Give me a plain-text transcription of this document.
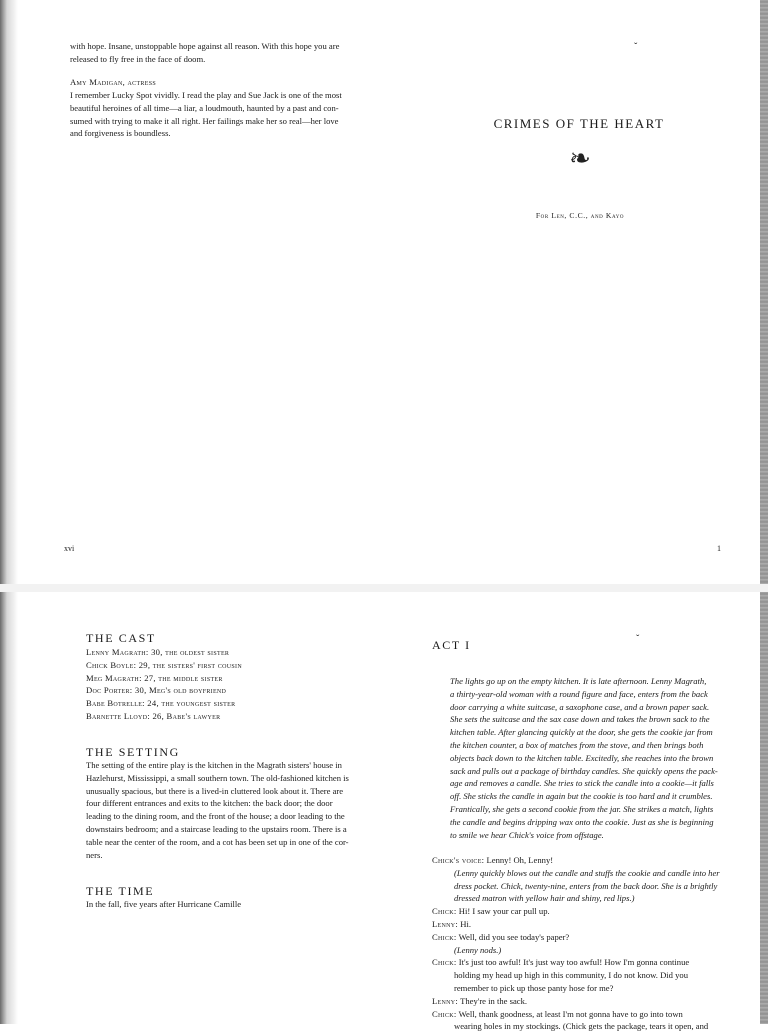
with hope. Insane, unstoppable hope against all reason. With this hope you are

released to fly free in the face of doom.

Amy Madigan, actress

I remember Lucky Spot vividly. I read the play and Sue Jack is one of the most

beautiful heroines of all time—a liar, a loudmouth, haunted by a past and con-

sumed with trying to make it all right. Her failings make her so real—her love

and forgiveness is boundless.

xvi
ˇ
CRIMES OF THE HEART
❧
For Len, C.C., and Kayo
1
THE CAST

Lenny Magrath: 30, the oldest sister

Chick Boyle: 29, the sisters' first cousin

Meg Magrath: 27, the middle sister

Doc Porter: 30, Meg's old boyfriend

Babe Botrelle: 24, the youngest sister

Barnette Lloyd: 26, Babe's lawyer

THE SETTING

The setting of the entire play is the kitchen in the Magrath sisters' house in

Hazlehurst, Mississippi, a small southern town. The old-fashioned kitchen is

unusually spacious, but there is a lived-in cluttered look about it. There are

four different entrances and exits to the kitchen: the back door; the door

leading to the dining room, and the front of the house; a door leading to the

downstairs bedroom; and a staircase leading to the upstairs room. There is a

table near the center of the room, and a cot has been set up in one of the cor-

ners.

THE TIME
In the fall, five years after Hurricane Camille
ACT I	ˇ

The lights go up on the empty kitchen. It is late afternoon. Lenny Magrath,

a thirty-year-old woman with a round figure and face, enters from the back

door carrying a white suitcase, a saxophone case, and a brown paper sack.

She sets the suitcase and the sax case down and takes the brown sack to the

kitchen table. After glancing quickly at the door, she gets the cookie jar from

the kitchen counter, a box of matches from the stove, and then brings both

objects back down to the kitchen table. Excitedly, she reaches into the brown

sack and pulls out a package of birthday candles. She quickly opens the pack-

age and removes a candle. She tries to stick the candle into a cookie—it falls

off. She sticks the candle in again but the cookie is too hard and it crumbles.

Frantically, she gets a second cookie from the jar. She strikes a match, lights

the candle and begins dripping wax onto the cookie. Just as she is beginning

to smile we hear Chick's voice from offstage.

Chick's voice: Lenny! Oh, Lenny!

(Lenny quickly blows out the candle and stuffs the cookie and candle into her

dress pocket. Chick, twenty-nine, enters from the back door. She is a brightly

dressed matron with yellow hair and shiny, red lips.)

Chick: Hi! I saw your car pull up.

Lenny: Hi.

Chick: Well, did you see today's paper?

(Lenny nods.)

Chick: It's just too awful! It's just way too awful! How I'm gonna continue

holding my head up high in this community, I do not know. Did you

remember to pick up those panty hose for me?

Lenny: They're in the sack.

Chick: Well, thank goodness, at least I'm not gonna have to go into town

wearing holes in my stockings. (Chick gets the package, tears it open, and
